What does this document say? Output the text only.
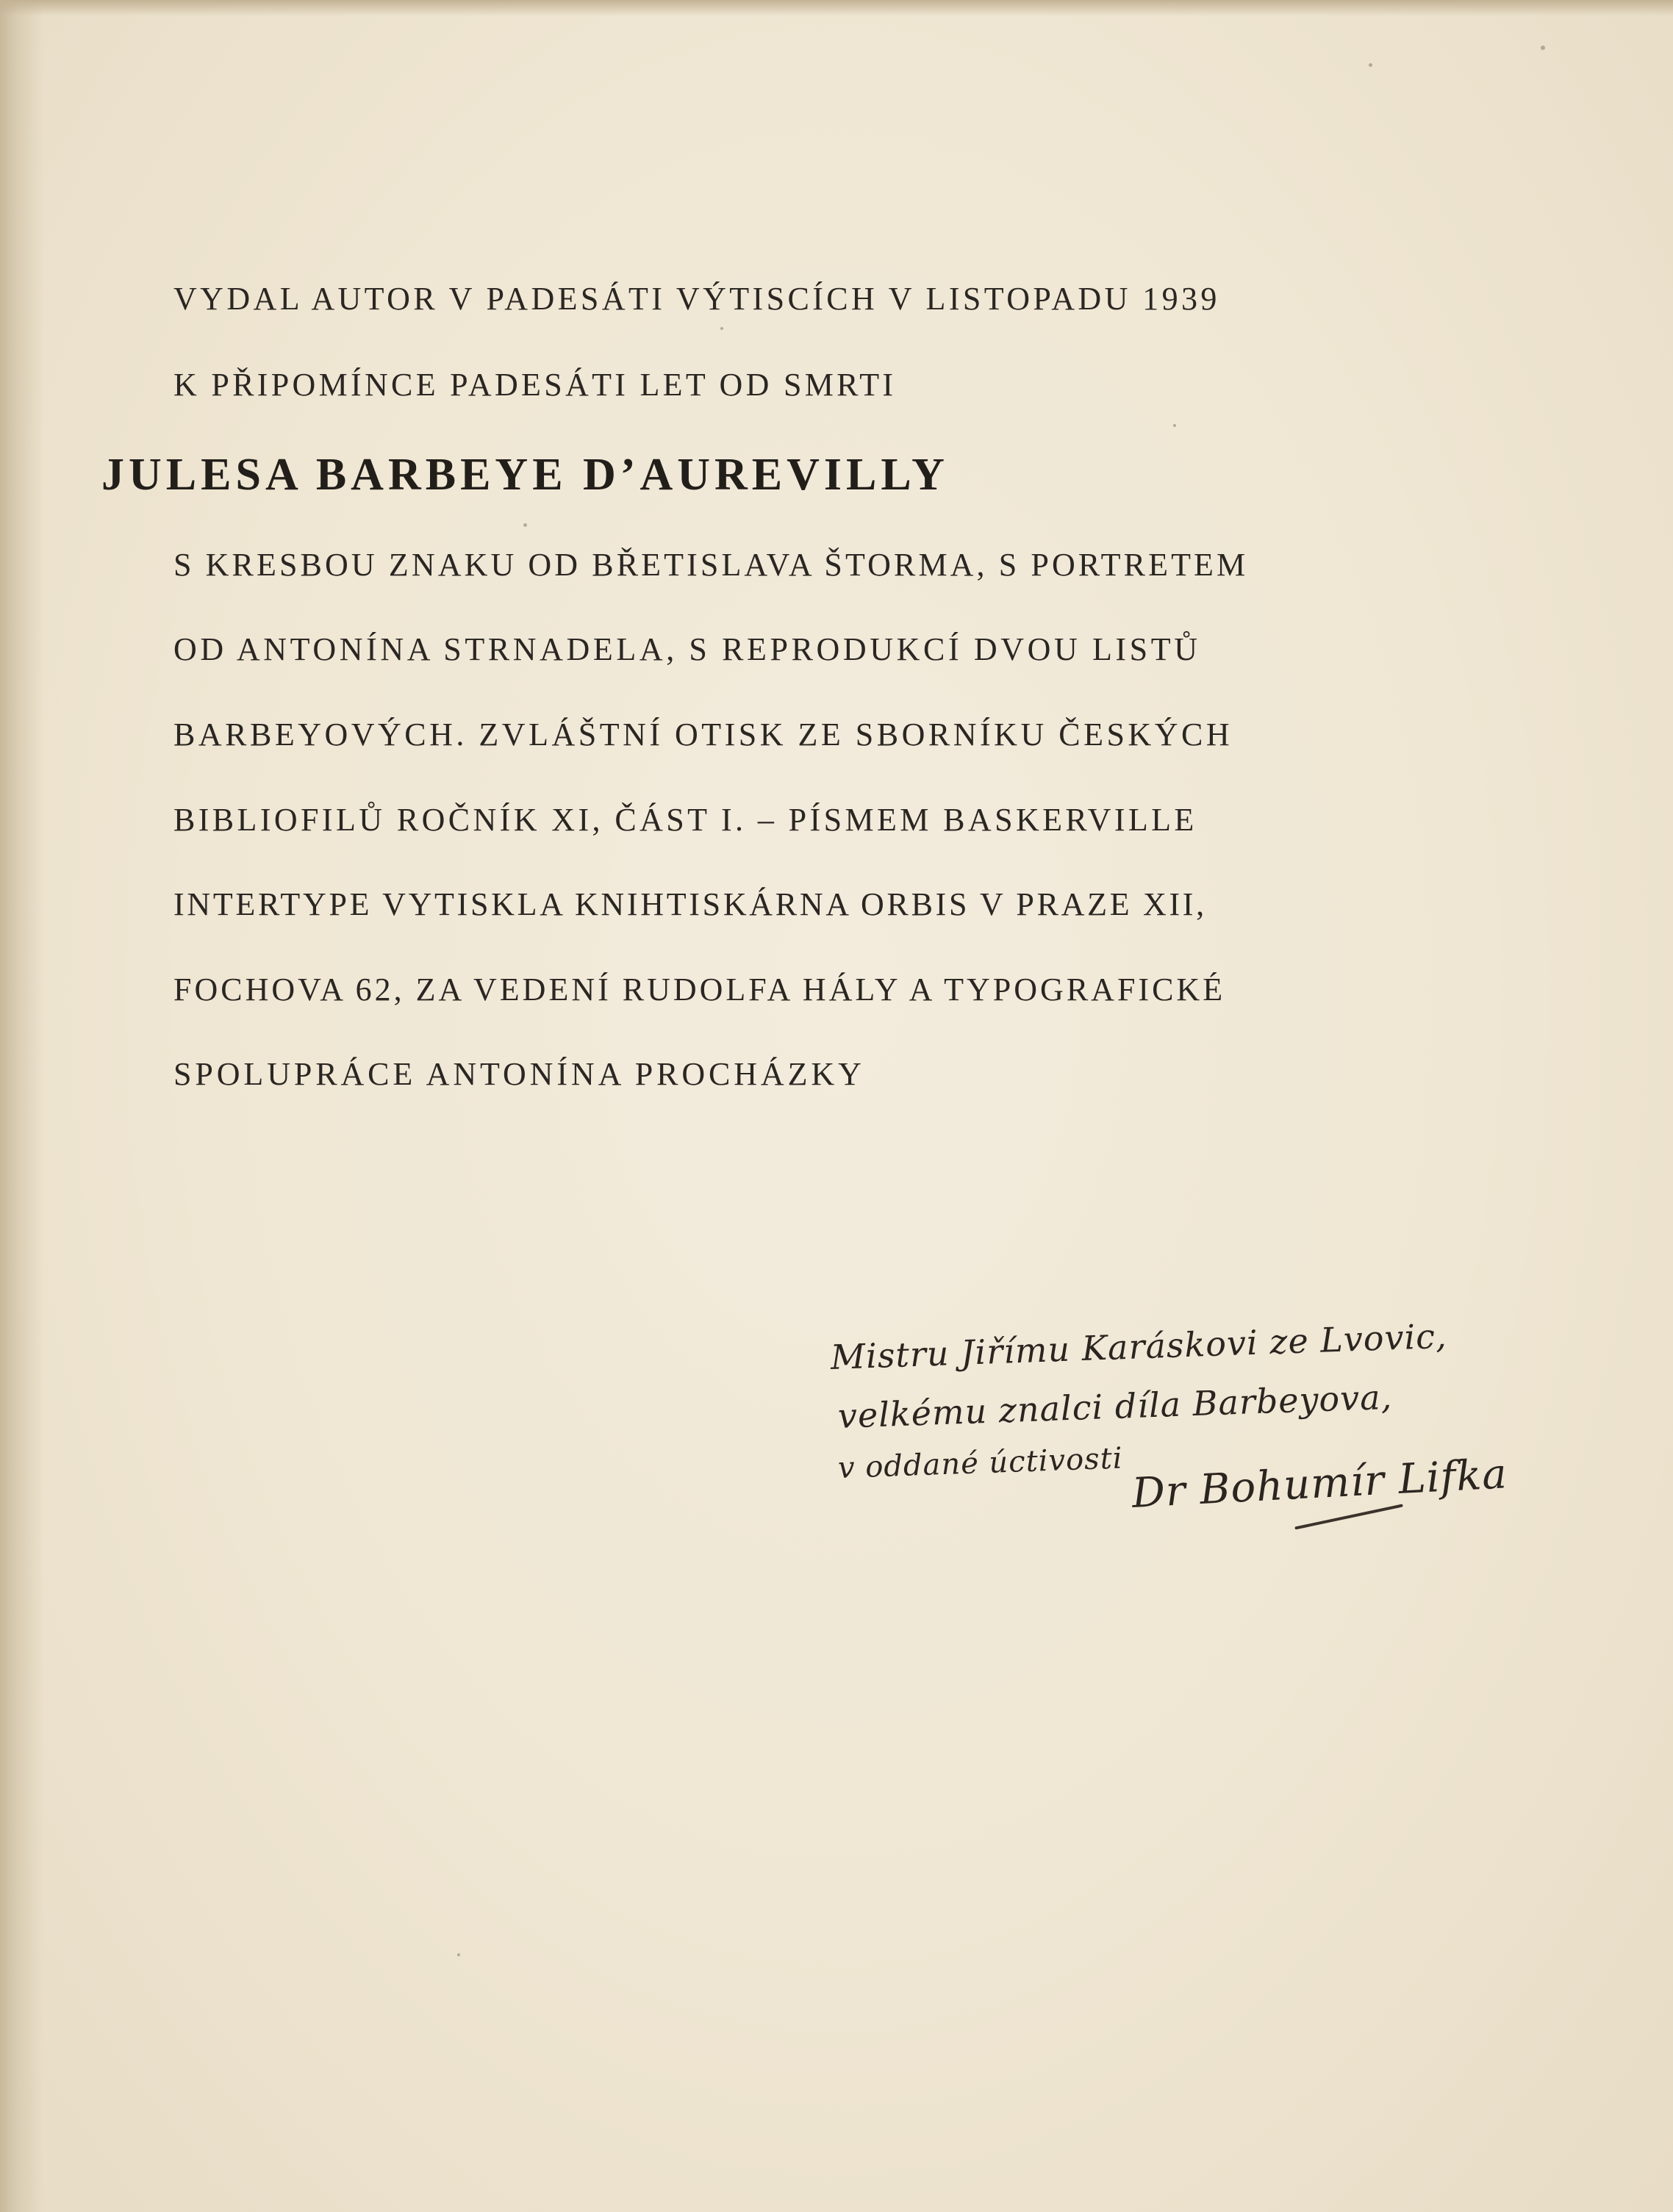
VYDAL AUTOR V PADESÁTI VÝTISCÍCH V LISTOPADU 1939
K PŘIPOMÍNCE PADESÁTI LET OD SMRTI
JULESA BARBEYE D’AUREVILLY
S KRESBOU ZNAKU OD BŘETISLAVA ŠTORMA, S PORTRETEM
OD ANTONÍNA STRNADELA, S REPRODUKCÍ DVOU LISTŮ
BARBEYOVÝCH. ZVLÁŠTNÍ OTISK ZE SBORNÍKU ČESKÝCH
BIBLIOFILŮ ROČNÍK XI, ČÁST I. – PÍSMEM BASKERVILLE
INTERTYPE VYTISKLA KNIHTISKÁRNA ORBIS V PRAZE XII,
FOCHOVA 62, ZA VEDENÍ RUDOLFA HÁLY A TYPOGRAFICKÉ
SPOLUPRÁCE ANTONÍNA PROCHÁZKY
Mistru Jiřímu Karáskovi ze Lvovic,
velkému znalci díla Barbeyova,
v oddané úctivosti Dr Bohumír Lifka
